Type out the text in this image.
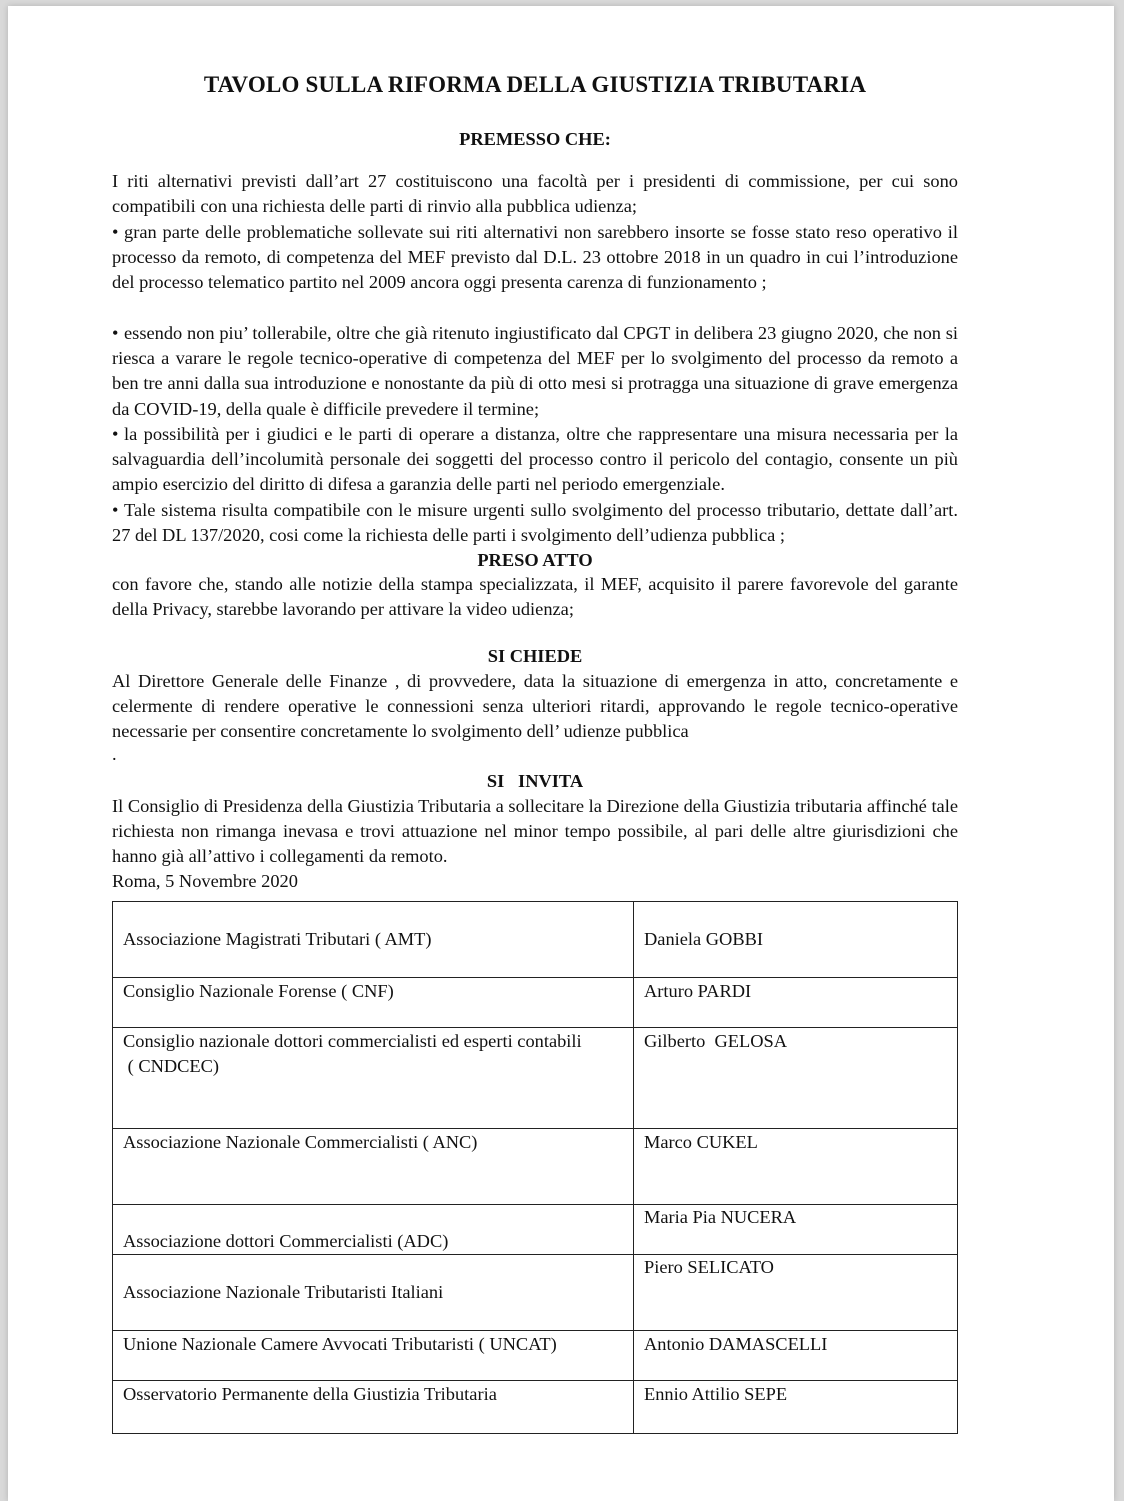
TAVOLO SULLA RIFORMA DELLA GIUSTIZIA TRIBUTARIA
PREMESSO CHE:
I riti alternativi previsti dall’art 27 costituiscono una facoltà per i presidenti di commissione, per cui sono compatibili con una richiesta delle parti di rinvio alla pubblica udienza;
• gran parte delle problematiche sollevate sui riti alternativi non sarebbero insorte se fosse stato reso operativo il processo da remoto, di competenza del MEF previsto dal D.L. 23 ottobre 2018 in un quadro in cui l’introduzione del processo telematico partito nel 2009 ancora oggi presenta carenza di funzionamento ;
• essendo non piu’ tollerabile, oltre che già ritenuto ingiustificato dal CPGT in delibera 23 giugno 2020, che non si riesca a varare le regole tecnico-operative di competenza del MEF per lo svolgimento del processo da remoto a ben tre anni dalla sua introduzione e nonostante da più di otto mesi si protragga una situazione di grave emergenza da COVID-19, della quale è difficile prevedere il termine;
• la possibilità per i giudici e le parti di operare a distanza, oltre che rappresentare una misura necessaria per la salvaguardia dell’incolumità personale dei soggetti del processo contro il pericolo del contagio, consente un più ampio esercizio del diritto di difesa a garanzia delle parti nel periodo emergenziale.
• Tale sistema risulta compatibile con le misure urgenti sullo svolgimento del processo tributario, dettate dall’art. 27 del DL 137/2020, cosi come la richiesta delle parti i svolgimento dell’udienza pubblica ;
PRESO ATTO
con favore che, stando alle notizie della stampa specializzata, il MEF, acquisito il parere favorevole del garante della Privacy, starebbe lavorando per attivare la video udienza;
SI CHIEDE
Al Direttore Generale delle Finanze , di provvedere, data la situazione di emergenza in atto, concretamente e celermente di rendere operative le connessioni senza ulteriori ritardi, approvando le regole tecnico-operative necessarie per consentire concretamente lo svolgimento dell’ udienze pubblica
.
SI   INVITA
Il Consiglio di Presidenza della Giustizia Tributaria a sollecitare la Direzione della Giustizia tributaria affinché tale richiesta non rimanga inevasa e trovi attuazione nel minor tempo possibile, al pari delle altre giurisdizioni che hanno già all’attivo i collegamenti da remoto.
Roma, 5 Novembre 2020
Associazione Magistrati Tributari ( AMT)	Daniela GOBBI
Consiglio Nazionale Forense ( CNF)	Arturo PARDI

Consiglio nazionale dottori commercialisti ed esperti contabili
( CNDCEC)	Gilberto  GELOSA
Associazione Nazionale Commercialisti ( ANC)	Marco CUKEL
Associazione dottori Commercialisti (ADC)	Maria Pia NUCERA
Associazione Nazionale Tributaristi Italiani	Piero SELICATO
Unione Nazionale Camere Avvocati Tributaristi ( UNCAT)	Antonio DAMASCELLI
Osservatorio Permanente della Giustizia Tributaria	Ennio Attilio SEPE
